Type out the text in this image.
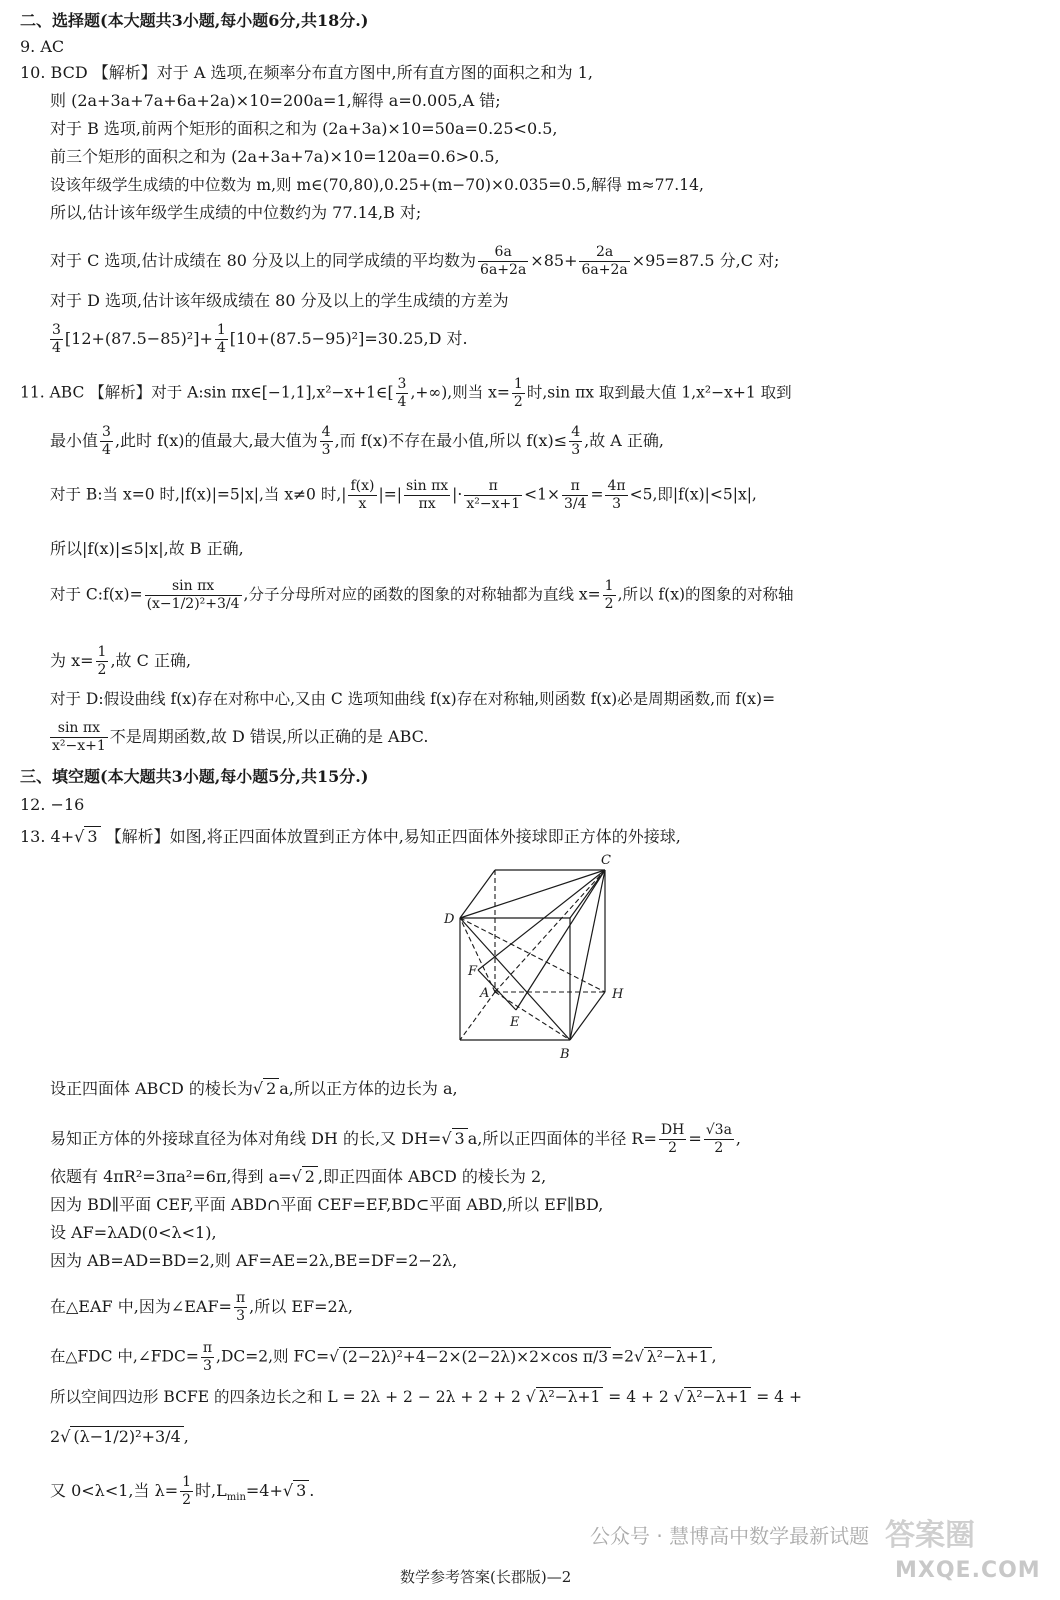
二、选择题(本大题共3小题,每小题6分,共18分.)
9. AC
10. BCD 【解析】对于 A 选项,在频率分布直方图中,所有直方图的面积之和为 1,
则 (2a+3a+7a+6a+2a)×10=200a=1,解得 a=0.005,A 错;
对于 B 选项,前两个矩形的面积之和为 (2a+3a)×10=50a=0.25<0.5,
前三个矩形的面积之和为 (2a+3a+7a)×10=120a=0.6>0.5,
设该年级学生成绩的中位数为 m,则 m∈(70,80),0.25+(m−70)×0.035=0.5,解得 m≈77.14,
所以,估计该年级学生成绩的中位数约为 77.14,B 对;
对于 C 选项,估计成绩在 80 分及以上的同学成绩的平均数为 $\frac{6a}{6a+2a} \times 85+ \frac{2a}{6a+2a} \times 95=87.5$ 分,C 对;
对于 D 选项,估计该年级成绩在 80 分及以上的学生成绩的方差为
$\frac{3}{4} [12+(87.5-85)^2]+ \frac{1}{4} [10+(87.5-95)^2]=30.25,D$ 对.
11. ABC 【解析】对于 A:sin πx∈[−1,1],x²−x+1∈[ $\frac{3}{4}$ ,+∞),则当 $x= \frac{1}{2}$ 时,sin πx 取到最大值 1,x²−x+1 取到
最小值 $\frac{3}{4}$ ,此时 f(x)的值最大,最大值为 $\frac{4}{3}$ ,而 f(x)不存在最小值,所以 $f(x)\le \frac{4}{3}$ ,故 A 正确,
对于 B:当 x=0 时,|f(x)|=5|x|,当 x≠0 时,| $\frac{f(x)}{x}$ |=| $\frac{\text{sin πx}}{\pi x}$ |· $\frac{\pi}{\text{x²−x+1}} <1\times \frac{\pi}{3/4} = \frac{4\pi}{3} <5$,即|f(x)|<5|x|,
所以|f(x)|≤5|x|,故 B 正确,
对于 C:f(x)= $\frac{\text{sin πx}}{\text{(x−1/2)²+3/4}}$ ,分子分母所对应的函数的图象的对称轴都为直线 $x= \frac{1}{2}$ ,所以 f(x)的图象的对称轴
为 $x= \frac{1}{2}$ ,故 C 正确,
对于 D:假设曲线 f(x)存在对称中心,又由 C 选项知曲线 f(x)存在对称轴,则函数 f(x)必是周期函数,而 f(x)=
$\frac{\text{sin πx}}{\text{x²−x+1}}$ 不是周期函数,故 D 错误,所以正确的是 ABC.
三、填空题(本大题共3小题,每小题5分,共15分.)
12. −16
13. 4+√ 3 【解析】如图,将正四面体放置到正方体中,易知正四面体外接球即正方体的外接球,
C
D
F
A
E
H
B
设正四面体 ABCD 的棱长为√ 2 a,所以正方体的边长为 a,
易知正方体的外接球直径为体对角线 DH 的长,又 DH=√ 3 a,所以正四面体的半径 $R= \frac{DH}{2} = \frac{√3a}{2}$ ,
依题有 4πR²=3πa²=6π,得到 a=√ 2 ,即正四面体 ABCD 的棱长为 2,
因为 BD∥平面 CEF,平面 ABD∩平面 CEF=EF,BD⊂平面 ABD,所以 EF∥BD,
设 AF=λAD(0<λ<1),
因为 AB=AD=BD=2,则 AF=AE=2λ,BE=DF=2−2λ,
在△EAF 中,因为∠EAF= $\frac{\pi}{3}$ ,所以 EF=2λ,
在△FDC 中,∠FDC= $\frac{\pi}{3} ,DC=2$,则 FC=√ (2−2λ)²+4−2×(2−2λ)×2×cos π/3 =2√ λ²−λ+1 ,
所以空间四边形 BCFE 的四条边长之和 L = 2λ + 2 − 2λ + 2 + 2 √ λ²−λ+1 = 4 + 2 √ λ²−λ+1 = 4 +
2√ (λ−1/2)²+3/4 ,
又 0<λ<1,当 $\lambda= \frac{1}{2}$ 时$,L_{min}=4+√$ 3 .
公众号 · 慧博高中数学最新试题 答案圈
MXQE.COM
数学参考答案(长郡版)—2
